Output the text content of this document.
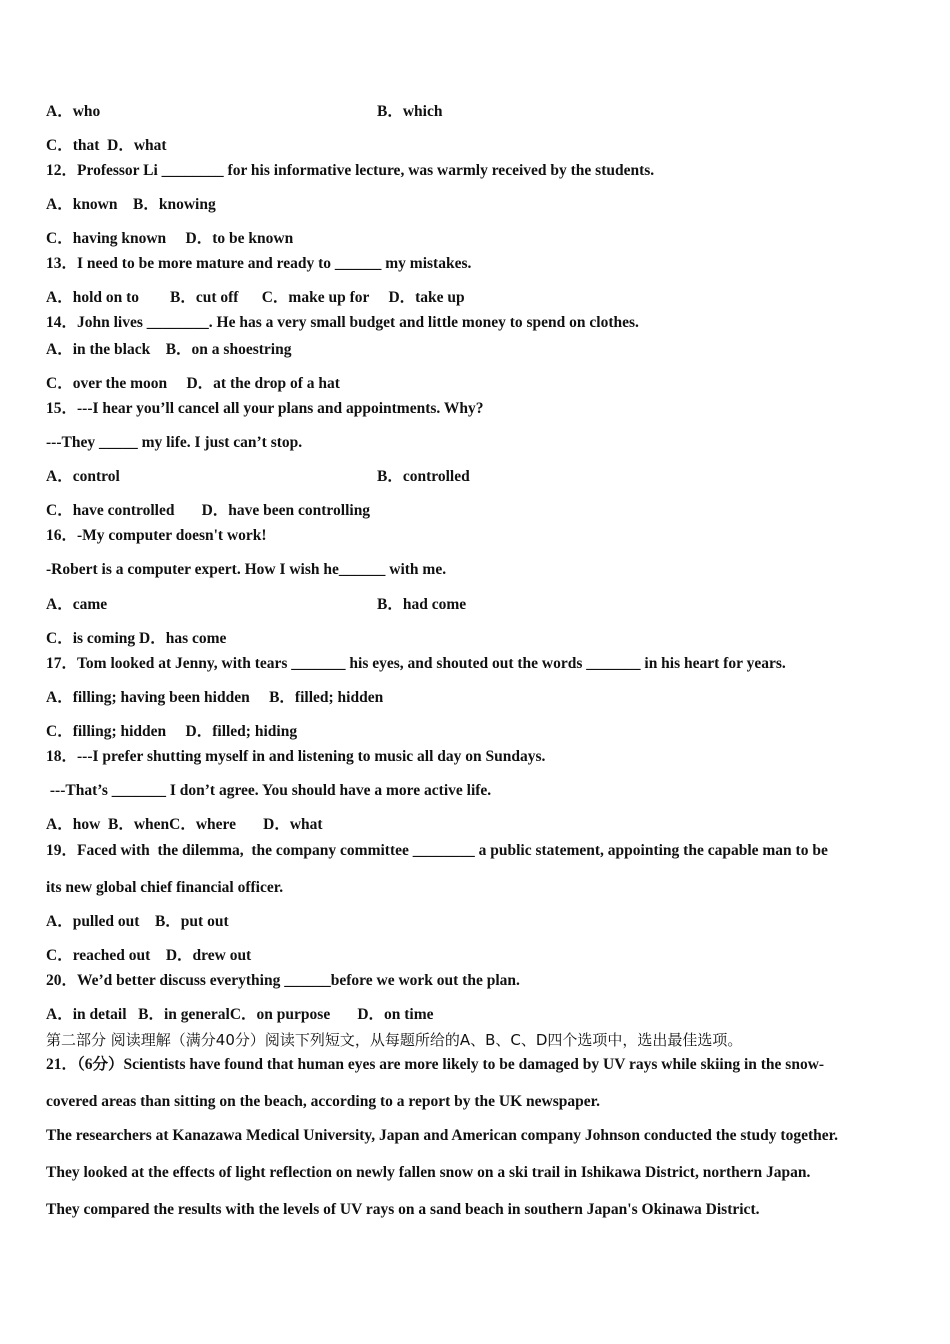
A．who	B．which
C．that  D．what
12．Professor Li ________ for his informative lecture, was warmly received by the students.
A．known    B．knowing
C．having known     D．to be known
13．I need to be more mature and ready to ______ my mistakes.
A．hold on to        B．cut off      C．make up for     D．take up
14．John lives ________. He has a very small budget and little money to spend on clothes.
A．in the black    B．on a shoestring
C．over the moon     D．at the drop of a hat
15．---I hear you’ll cancel all your plans and appointments. Why?
---They _____ my life. I just can’t stop.
A．control	B．controlled
C．have controlled       D．have been controlling
16．-My computer doesn't work!
-Robert is a computer expert. How I wish he______ with me.
A．came	B．had come
C．is coming D．has come
17．Tom looked at Jenny, with tears _______ his eyes, and shouted out the words _______ in his heart for years.
A．filling; having been hidden     B．filled; hidden
C．filling; hidden     D．filled; hiding
18．---I prefer shutting myself in and listening to music all day on Sundays.
---That’s _______ I don’t agree. You should have a more active life.
A．how  B．whenC．where       D．what
19．Faced with  the dilemma,  the company committee ________ a public statement, appointing the capable man to be
its new global chief financial officer.
A．pulled out    B．put out
C．reached out    D．drew out
20．We’d better discuss everything ______before we work out the plan.
A．in detail   B．in generalC．on purpose       D．on time
第二部分 阅读理解（满分40分）阅读下列短文，从每题所给的A、B、C、D四个选项中，选出最佳选项。
21．（6分）Scientists have found that human eyes are more likely to be damaged by UV rays while skiing in the snow-
covered areas than sitting on the beach, according to a report by the UK newspaper.
The researchers at Kanazawa Medical University, Japan and American company Johnson conducted the study together.
They looked at the effects of light reflection on newly fallen snow on a ski trail in Ishikawa District, northern Japan.
They compared the results with the levels of UV rays on a sand beach in southern Japan's Okinawa District.
